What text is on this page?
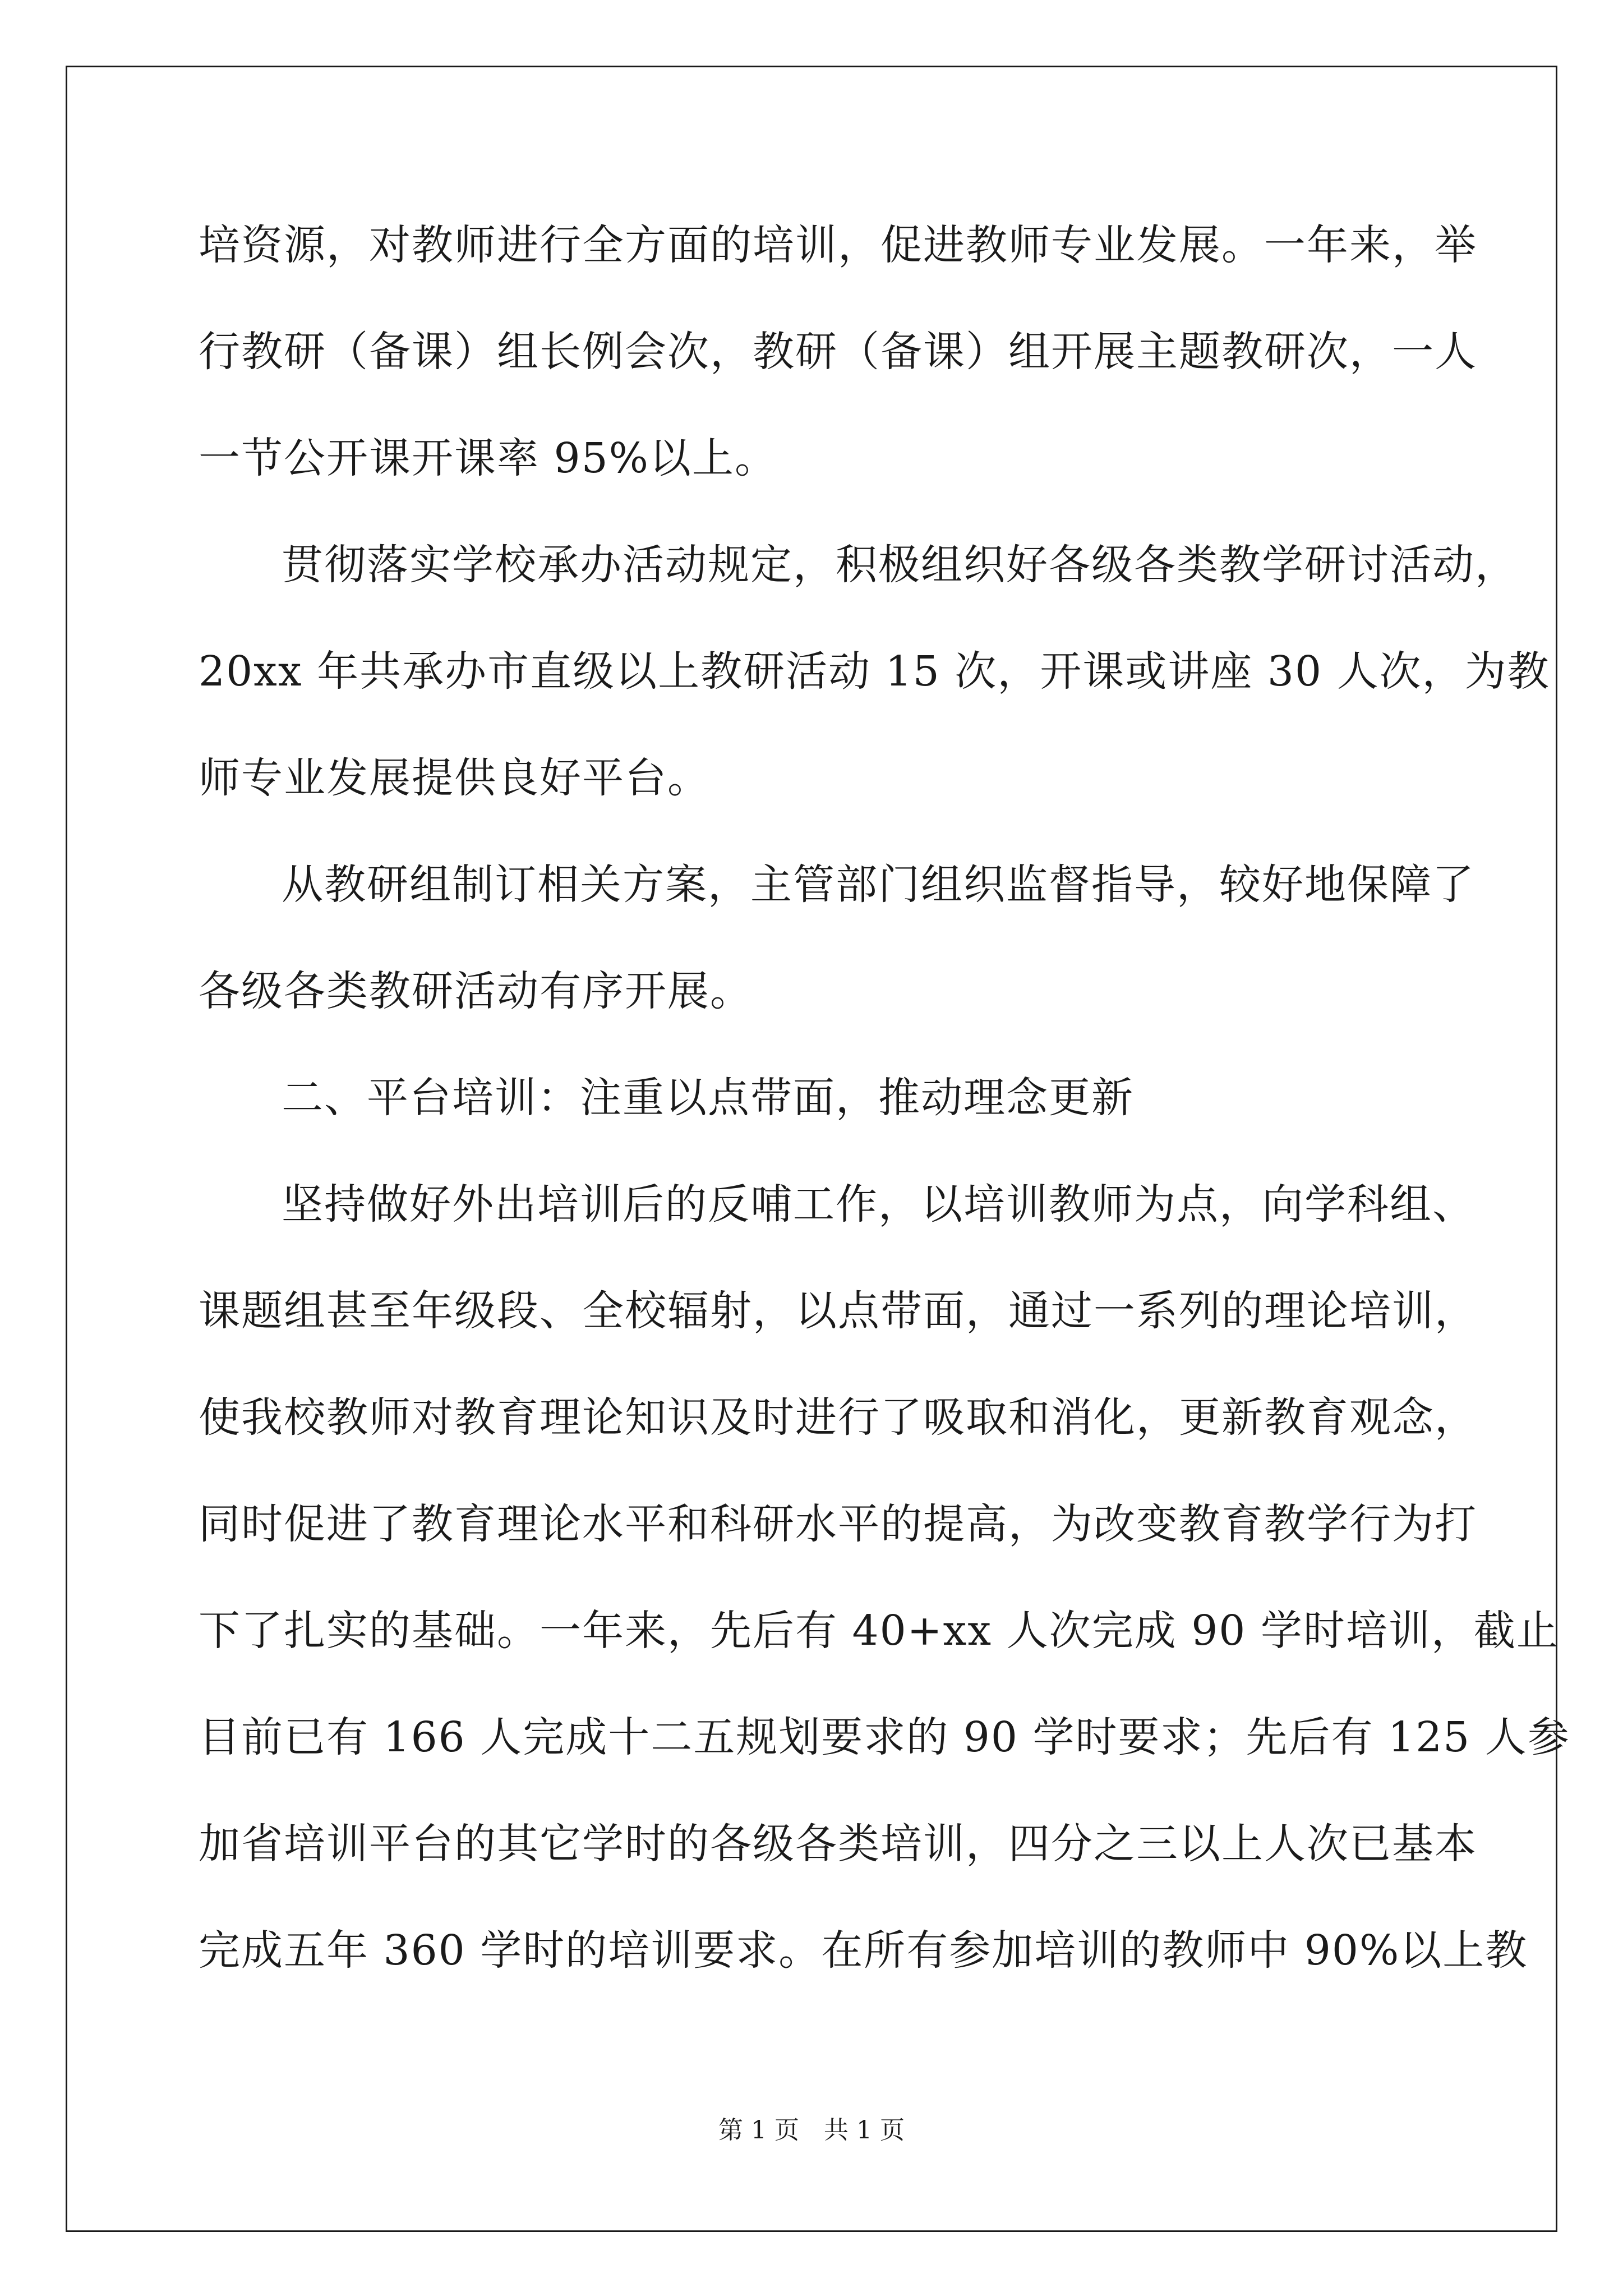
培资源，对教师进行全方面的培训，促进教师专业发展。一年来，举
行教研（备课）组长例会次，教研（备课）组开展主题教研次，一人
一节公开课开课率 95%以上。
贯彻落实学校承办活动规定，积极组织好各级各类教学研讨活动，
20xx 年共承办市直级以上教研活动 15 次，开课或讲座 30 人次，为教
师专业发展提供良好平台。
从教研组制订相关方案，主管部门组织监督指导，较好地保障了
各级各类教研活动有序开展。
二、平台培训：注重以点带面，推动理念更新
坚持做好外出培训后的反哺工作，以培训教师为点，向学科组、
课题组甚至年级段、全校辐射，以点带面，通过一系列的理论培训，
使我校教师对教育理论知识及时进行了吸取和消化，更新教育观念，
同时促进了教育理论水平和科研水平的提高，为改变教育教学行为打
下了扎实的基础。一年来，先后有 40+xx 人次完成 90 学时培训，截止
目前已有 166 人完成十二五规划要求的 90 学时要求；先后有 125 人参
加省培训平台的其它学时的各级各类培训，四分之三以上人次已基本
完成五年 360 学时的培训要求。在所有参加培训的教师中 90%以上教
第 1 页　共 1 页
